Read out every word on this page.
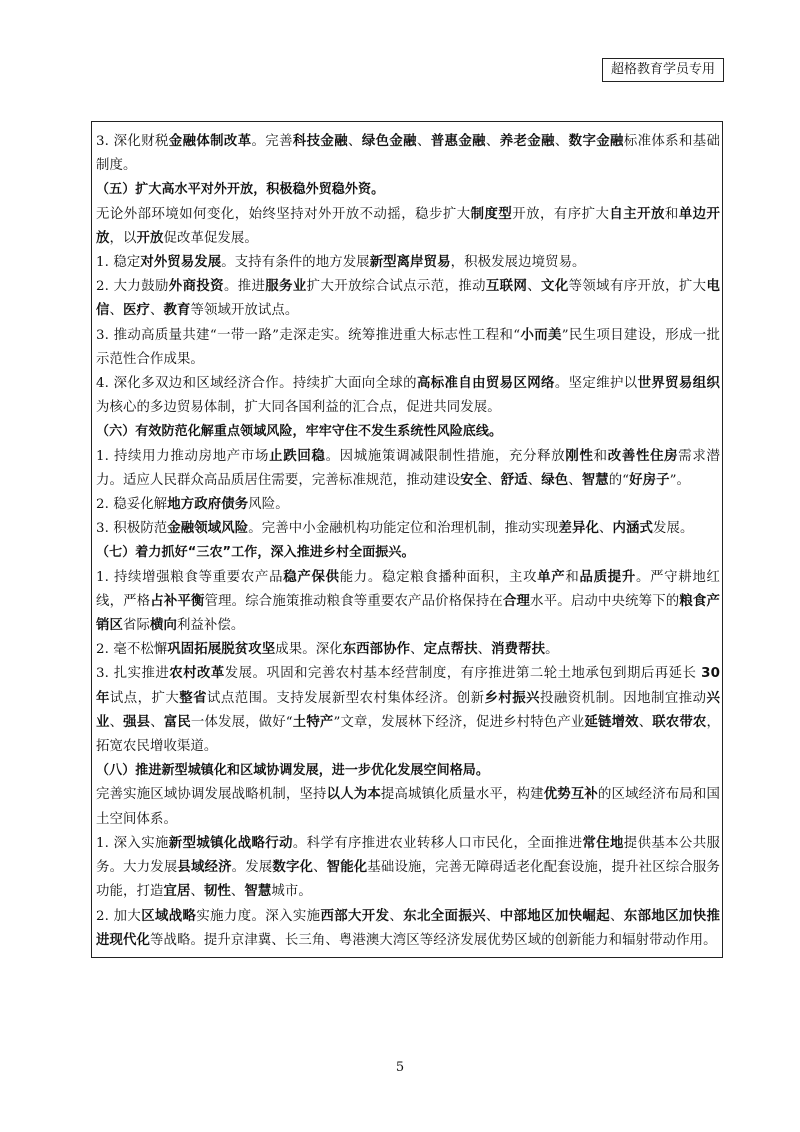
超格教育学员专用

3. 深化财税金融体制改革。完善科技金融、绿色金融、普惠金融、养老金融、数字金融标准体系和基础制度。

（五）扩大高水平对外开放，积极稳外贸稳外资。

无论外部环境如何变化，始终坚持对外开放不动摇，稳步扩大制度型开放，有序扩大自主开放和单边开放，以开放促改革促发展。

1. 稳定对外贸易发展。支持有条件的地方发展新型离岸贸易，积极发展边境贸易。

2. 大力鼓励外商投资。推进服务业扩大开放综合试点示范，推动互联网、文化等领域有序开放，扩大电信、医疗、教育等领域开放试点。

3. 推动高质量共建“一带一路”走深走实。统筹推进重大标志性工程和“小而美”民生项目建设，形成一批示范性合作成果。

4. 深化多双边和区域经济合作。持续扩大面向全球的高标准自由贸易区网络。坚定维护以世界贸易组织为核心的多边贸易体制，扩大同各国利益的汇合点，促进共同发展。

（六）有效防范化解重点领域风险，牢牢守住不发生系统性风险底线。

1. 持续用力推动房地产市场止跌回稳。因城施策调减限制性措施，充分释放刚性和改善性住房需求潜力。适应人民群众高品质居住需要，完善标准规范，推动建设安全、舒适、绿色、智慧的“好房子”。

2. 稳妥化解地方政府债务风险。

3. 积极防范金融领域风险。完善中小金融机构功能定位和治理机制，推动实现差异化、内涵式发展。

（七）着力抓好“三农”工作，深入推进乡村全面振兴。

1. 持续增强粮食等重要农产品稳产保供能力。稳定粮食播种面积，主攻单产和品质提升。严守耕地红线，严格占补平衡管理。综合施策推动粮食等重要农产品价格保持在合理水平。启动中央统筹下的粮食产销区省际横向利益补偿。

2. 毫不松懈巩固拓展脱贫攻坚成果。深化东西部协作、定点帮扶、消费帮扶。

3. 扎实推进农村改革发展。巩固和完善农村基本经营制度，有序推进第二轮土地承包到期后再延长 30 年试点，扩大整省试点范围。支持发展新型农村集体经济。创新乡村振兴投融资机制。因地制宜推动兴业、强县、富民一体发展，做好“土特产”文章，发展林下经济，促进乡村特色产业延链增效、联农带农，拓宽农民增收渠道。

（八）推进新型城镇化和区域协调发展，进一步优化发展空间格局。

完善实施区域协调发展战略机制，坚持以人为本提高城镇化质量水平，构建优势互补的区域经济布局和国土空间体系。

1. 深入实施新型城镇化战略行动。科学有序推进农业转移人口市民化，全面推进常住地提供基本公共服务。大力发展县域经济。发展数字化、智能化基础设施，完善无障碍适老化配套设施，提升社区综合服务功能，打造宜居、韧性、智慧城市。

2. 加大区域战略实施力度。深入实施西部大开发、东北全面振兴、中部地区加快崛起、东部地区加快推进现代化等战略。提升京津冀、长三角、粤港澳大湾区等经济发展优势区域的创新能力和辐射带动作用。

5
